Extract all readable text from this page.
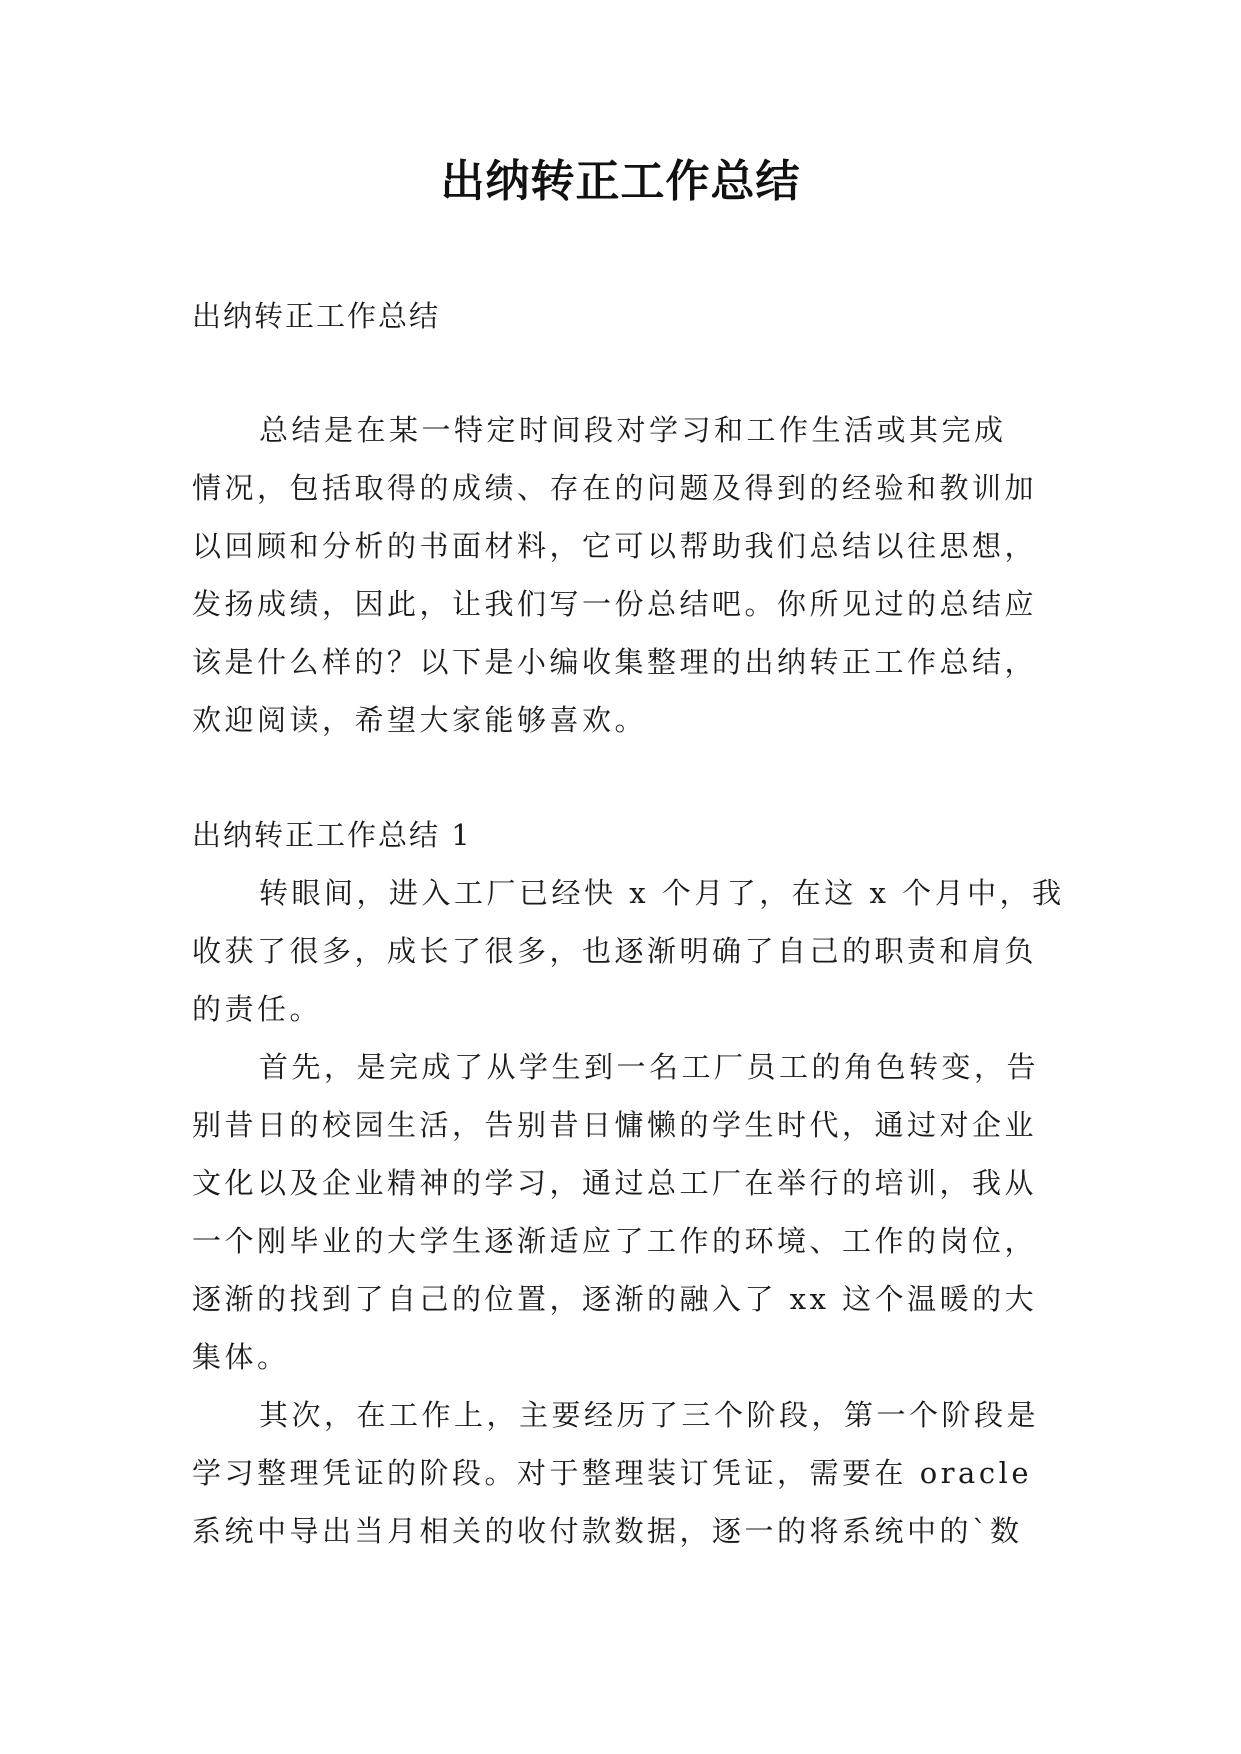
出纳转正工作总结

出纳转正工作总结

总结是在某一特定时间段对学习和工作生活或其完成

情况，包括取得的成绩、存在的问题及得到的经验和教训加

以回顾和分析的书面材料，它可以帮助我们总结以往思想，

发扬成绩，因此，让我们写一份总结吧。你所见过的总结应

该是什么样的？以下是小编收集整理的出纳转正工作总结，

欢迎阅读，希望大家能够喜欢。

出纳转正工作总结 1

转眼间，进入工厂已经快 x 个月了，在这 x 个月中，我

收获了很多，成长了很多，也逐渐明确了自己的职责和肩负

的责任。

首先，是完成了从学生到一名工厂员工的角色转变，告

别昔日的校园生活，告别昔日慵懒的学生时代，通过对企业

文化以及企业精神的学习，通过总工厂在举行的培训，我从

一个刚毕业的大学生逐渐适应了工作的环境、工作的岗位，

逐渐的找到了自己的位置，逐渐的融入了 xx 这个温暖的大

集体。

其次，在工作上，主要经历了三个阶段，第一个阶段是

学习整理凭证的阶段。对于整理装订凭证，需要在 oracle

系统中导出当月相关的收付款数据，逐一的将系统中的`数
